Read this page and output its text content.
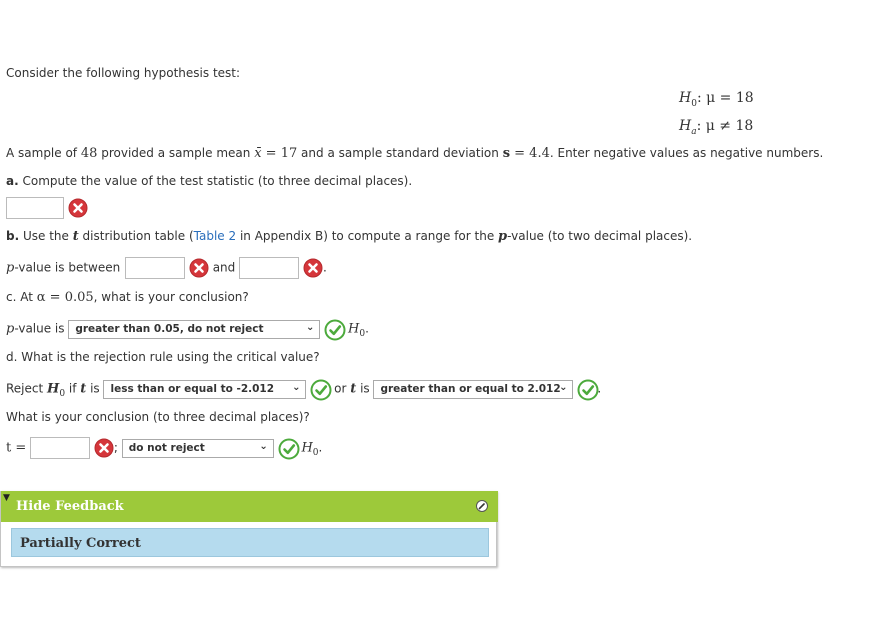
Consider the following hypothesis test:
$H_0$: μ = 18
$H_a$: μ ≠ 18
A sample of 48 provided a sample mean x̄ = 17 and a sample standard deviation s = 4.4. Enter negative values as negative numbers.
a. Compute the value of the test statistic (to three decimal places).

b. Use the t distribution table (Table 2 in Appendix B) to compute a range for the p-value (to two decimal places).
p-value is between	and	.
c. At α = 0.05, what is your conclusion?
p-value is greater than 0.05, do not reject	⌄
	$H_0$.
d. What is the rejection rule using the critical value?
Reject $H_0$ if t is less than or equal to -2.012 ⌄
	or t is greater than or equal to 2.012
⌄
.
What is your conclusion (to three decimal places)?
t =	; do not reject	⌄
	$H_0$.
▼
Hide Feedback
Partially Correct
